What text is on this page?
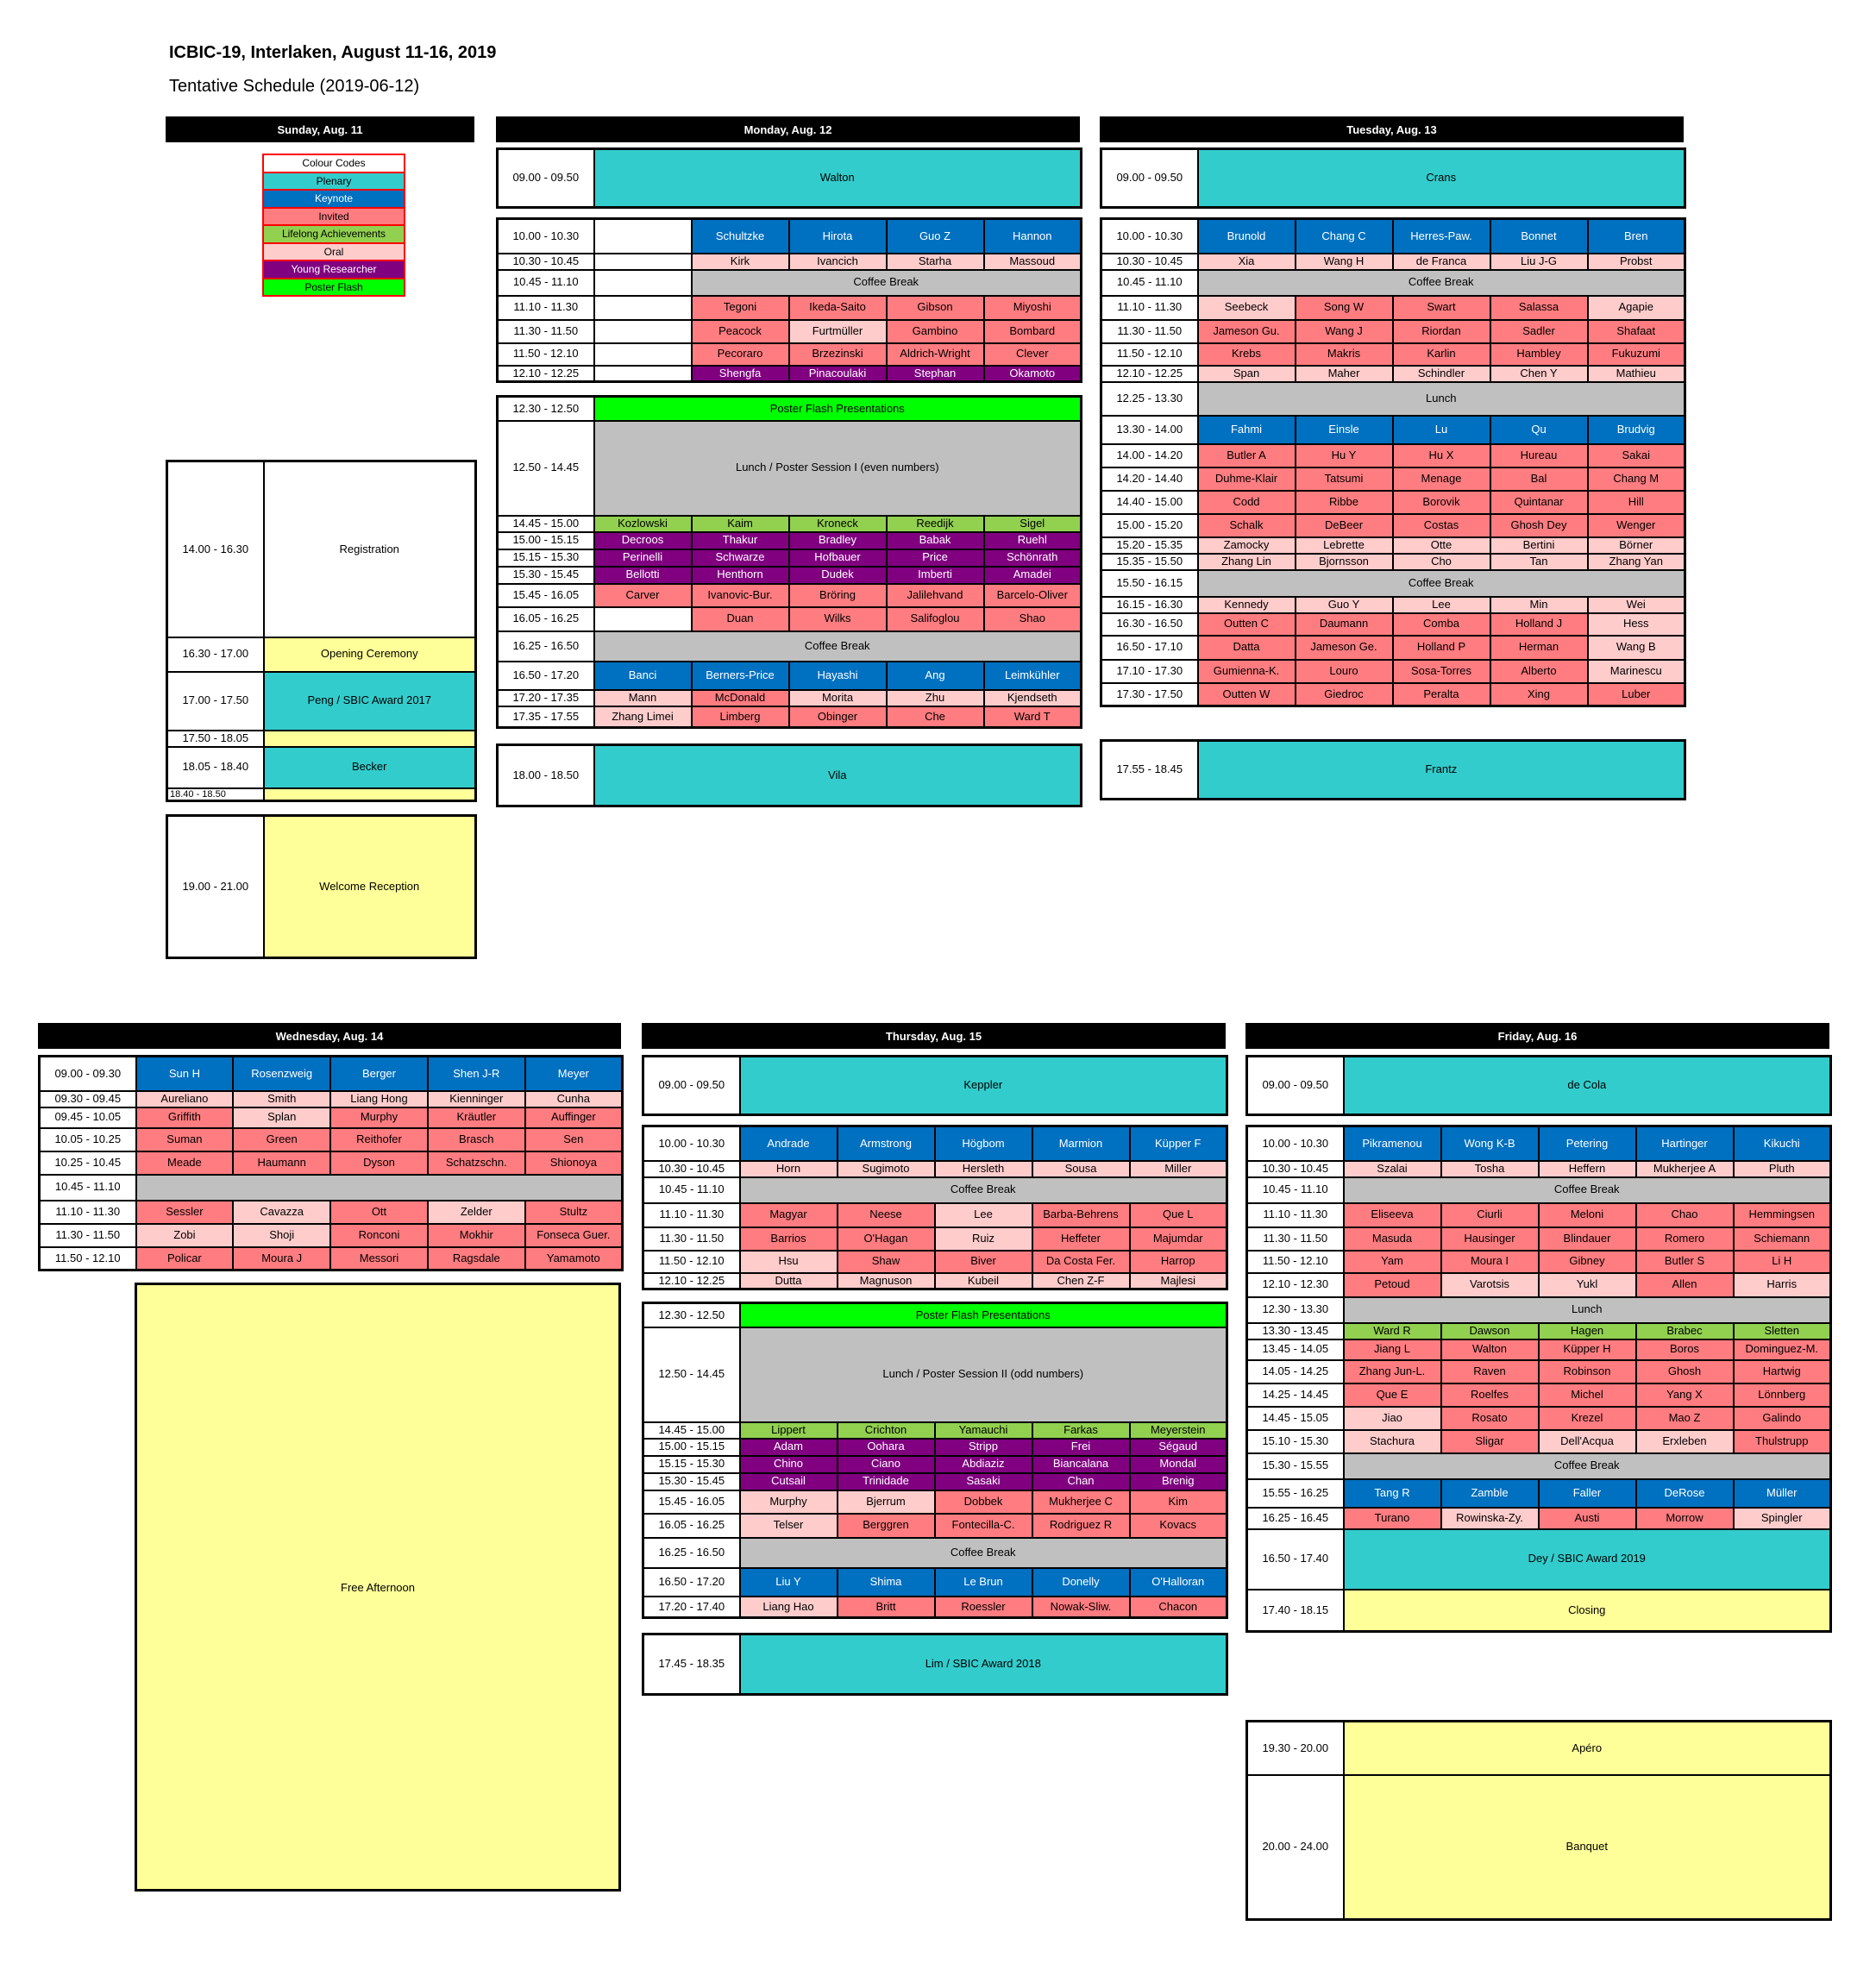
ICBIC-19, Interlaken, August 11-16, 2019
Tentative Schedule (2019-06-12)
Colour Codes
Plenary
Keynote
Invited
Lifelong Achievements
Oral
Young Researcher
Poster Flash
Sunday, Aug. 11
14.00 - 16.30	Registration
16.30 - 17.00	Opening Ceremony
17.00 - 17.50	Peng / SBIC Award 2017
17.50 - 18.05	
18.05 - 18.40	Becker
18.40 - 18.50	
19.00 - 21.00	Welcome Reception
Monday, Aug. 12
09.00 - 09.50	Walton
10.00 - 10.30		Schultzke	Hirota	Guo Z	Hannon
10.30 - 10.45		Kirk	Ivancich	Starha	Massoud
10.45 - 11.10		Coffee Break			
11.10 - 11.30		Tegoni	Ikeda-Saito	Gibson	Miyoshi
11.30 - 11.50		Peacock	Furtmüller	Gambino	Bombard
11.50 - 12.10		Pecoraro	Brzezinski	Aldrich-Wright	Clever
12.10 - 12.25		Shengfa	Pinacoulaki	Stephan	Okamoto
12.30 - 12.50	Poster Flash Presentations				
12.50 - 14.45	Lunch / Poster Session I (even numbers)				
14.45 - 15.00	Kozlowski	Kaim	Kroneck	Reedijk	Sigel
15.00 - 15.15	Decroos	Thakur	Bradley	Babak	Ruehl
15.15 - 15.30	Perinelli	Schwarze	Hofbauer	Price	Schönrath
15.30 - 15.45	Bellotti	Henthorn	Dudek	Imberti	Amadei
15.45 - 16.05	Carver	Ivanovic-Bur.	Bröring	Jalilehvand	Barcelo-Oliver
16.05 - 16.25		Duan	Wilks	Salifoglou	Shao
16.25 - 16.50	Coffee Break				
16.50 - 17.20	Banci	Berners-Price	Hayashi	Ang	Leimkühler
17.20 - 17.35	Mann	McDonald	Morita	Zhu	Kjendseth
17.35 - 17.55	Zhang Limei	Limberg	Obinger	Che	Ward T
18.00 - 18.50	Vila
Tuesday, Aug. 13
09.00 - 09.50	Crans
10.00 - 10.30	Brunold	Chang C	Herres-Paw.	Bonnet	Bren
10.30 - 10.45	Xia	Wang H	de Franca	Liu J-G	Probst
10.45 - 11.10	Coffee Break				
11.10 - 11.30	Seebeck	Song W	Swart	Salassa	Agapie
11.30 - 11.50	Jameson Gu.	Wang J	Riordan	Sadler	Shafaat
11.50 - 12.10	Krebs	Makris	Karlin	Hambley	Fukuzumi
12.10 - 12.25	Span	Maher	Schindler	Chen Y	Mathieu
12.25 - 13.30	Lunch				
13.30 - 14.00	Fahmi	Einsle	Lu	Qu	Brudvig
14.00 - 14.20	Butler A	Hu Y	Hu X	Hureau	Sakai
14.20 - 14.40	Duhme-Klair	Tatsumi	Menage	Bal	Chang M
14.40 - 15.00	Codd	Ribbe	Borovik	Quintanar	Hill
15.00 - 15.20	Schalk	DeBeer	Costas	Ghosh Dey	Wenger
15.20 - 15.35	Zamocky	Lebrette	Otte	Bertini	Börner
15.35 - 15.50	Zhang Lin	Bjornsson	Cho	Tan	Zhang Yan
15.50 - 16.15	Coffee Break				
16.15 - 16.30	Kennedy	Guo Y	Lee	Min	Wei
16.30 - 16.50	Outten C	Daumann	Comba	Holland J	Hess
16.50 - 17.10	Datta	Jameson Ge.	Holland P	Herman	Wang B
17.10 - 17.30	Gumienna-K.	Louro	Sosa-Torres	Alberto	Marinescu
17.30 - 17.50	Outten W	Giedroc	Peralta	Xing	Luber
17.55 - 18.45	Frantz
Wednesday, Aug. 14
09.00 - 09.30	Sun H	Rosenzweig	Berger	Shen J-R	Meyer
09.30 - 09.45	Aureliano	Smith	Liang Hong	Kienninger	Cunha
09.45 - 10.05	Griffith	Splan	Murphy	Kräutler	Auffinger
10.05 - 10.25	Suman	Green	Reithofer	Brasch	Sen
10.25 - 10.45	Meade	Haumann	Dyson	Schatzschn.	Shionoya
10.45 - 11.10					
11.10 - 11.30	Sessler	Cavazza	Ott	Zelder	Stultz
11.30 - 11.50	Zobi	Shoji	Ronconi	Mokhir	Fonseca Guer.
11.50 - 12.10	Policar	Moura J	Messori	Ragsdale	Yamamoto
Free Afternoon
Thursday, Aug. 15
09.00 - 09.50	Keppler
10.00 - 10.30	Andrade	Armstrong	Högbom	Marmion	Küpper F
10.30 - 10.45	Horn	Sugimoto	Hersleth	Sousa	Miller
10.45 - 11.10	Coffee Break				
11.10 - 11.30	Magyar	Neese	Lee	Barba-Behrens	Que L
11.30 - 11.50	Barrios	O'Hagan	Ruiz	Heffeter	Majumdar
11.50 - 12.10	Hsu	Shaw	Biver	Da Costa Fer.	Harrop
12.10 - 12.25	Dutta	Magnuson	Kubeil	Chen Z-F	Majlesi
12.30 - 12.50	Poster Flash Presentations				
12.50 - 14.45	Lunch / Poster Session II (odd numbers)				
14.45 - 15.00	Lippert	Crichton	Yamauchi	Farkas	Meyerstein
15.00 - 15.15	Adam	Oohara	Stripp	Frei	Ségaud
15.15 - 15.30	Chino	Ciano	Abdiaziz	Biancalana	Mondal
15.30 - 15.45	Cutsail	Trinidade	Sasaki	Chan	Brenig
15.45 - 16.05	Murphy	Bjerrum	Dobbek	Mukherjee C	Kim
16.05 - 16.25	Telser	Berggren	Fontecilla-C.	Rodriguez R	Kovacs
16.25 - 16.50	Coffee Break				
16.50 - 17.20	Liu Y	Shima	Le Brun	Donelly	O'Halloran
17.20 - 17.40	Liang Hao	Britt	Roessler	Nowak-Sliw.	Chacon
17.45 - 18.35	Lim / SBIC Award 2018
Friday, Aug. 16
09.00 - 09.50	de Cola
10.00 - 10.30	Pikramenou	Wong K-B	Petering	Hartinger	Kikuchi
10.30 - 10.45	Szalai	Tosha	Heffern	Mukherjee A	Pluth
10.45 - 11.10	Coffee Break				
11.10 - 11.30	Eliseeva	Ciurli	Meloni	Chao	Hemmingsen
11.30 - 11.50	Masuda	Hausinger	Blindauer	Romero	Schiemann
11.50 - 12.10	Yam	Moura I	Gibney	Butler S	Li H
12.10 - 12.30	Petoud	Varotsis	Yukl	Allen	Harris
12.30 - 13.30	Lunch				
13.30 - 13.45	Ward R	Dawson	Hagen	Brabec	Sletten
13.45 - 14.05	Jiang L	Walton	Küpper H	Boros	Dominguez-M.
14.05 - 14.25	Zhang Jun-L.	Raven	Robinson	Ghosh	Hartwig
14.25 - 14.45	Que E	Roelfes	Michel	Yang X	Lönnberg
14.45 - 15.05	Jiao	Rosato	Krezel	Mao Z	Galindo
15.10 - 15.30	Stachura	Sligar	Dell'Acqua	Erxleben	Thulstrupp
15.30 - 15.55	Coffee Break				
15.55 - 16.25	Tang R	Zamble	Faller	DeRose	Müller
16.25 - 16.45	Turano	Rowinska-Zy.	Austi	Morrow	Spingler
16.50 - 17.40	Dey / SBIC Award 2019				
17.40 - 18.15	Closing				
19.30 - 20.00	Apéro
20.00 - 24.00	Banquet
